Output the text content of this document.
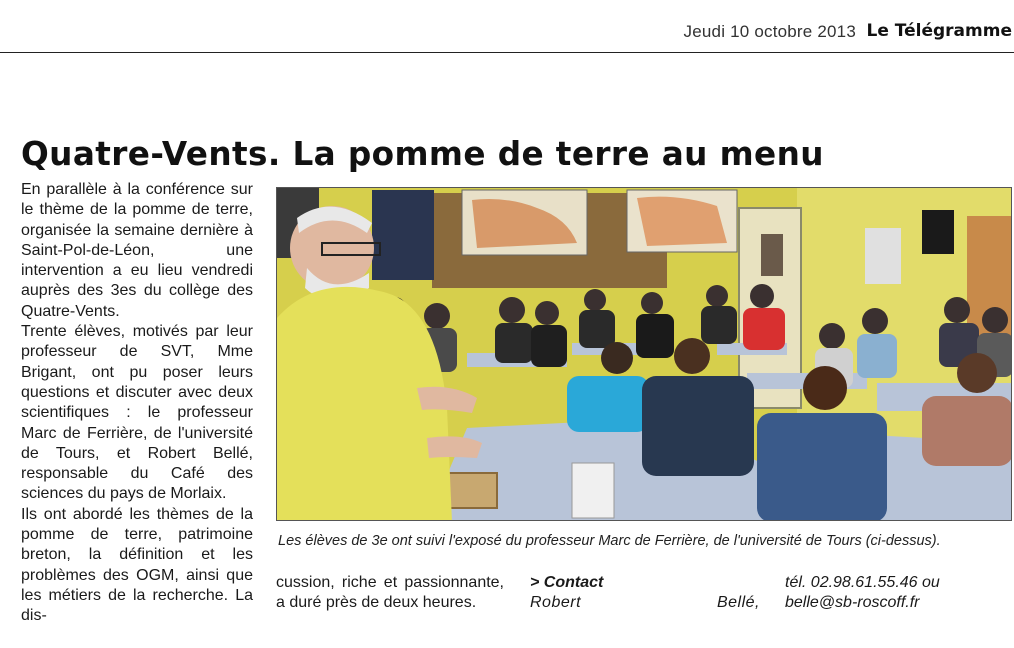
Jeudi 10 octobre 2013 Le Télégramme
Quatre-Vents. La pomme de terre au menu

En parallèle à la conférence sur le thème de la pomme de terre, organisée la semaine dernière à Saint-Pol-de-Léon, une intervention a eu lieu vendredi auprès des 3es du collège des Quatre-Vents.

Trente élèves, motivés par leur professeur de SVT, Mme Brigant, ont pu poser leurs questions et discuter avec deux scientifiques : le professeur Marc de Ferrière, de l'université de Tours, et Robert Bellé, responsable du Café des sciences du pays de Morlaix.

Ils ont abordé les thèmes de la pomme de terre, patrimoine breton, la définition et les problèmes des OGM, ainsi que les métiers de la recherche. La dis-

Les élèves de 3e ont suivi l'exposé du professeur Marc de Ferrière, de l'université de Tours (ci-dessus).

cussion, riche et passionnante, a duré près de deux heures.

> Contact
Robert	Bellé,
tél. 02.98.61.55.46 ou belle@sb-roscoff.fr
